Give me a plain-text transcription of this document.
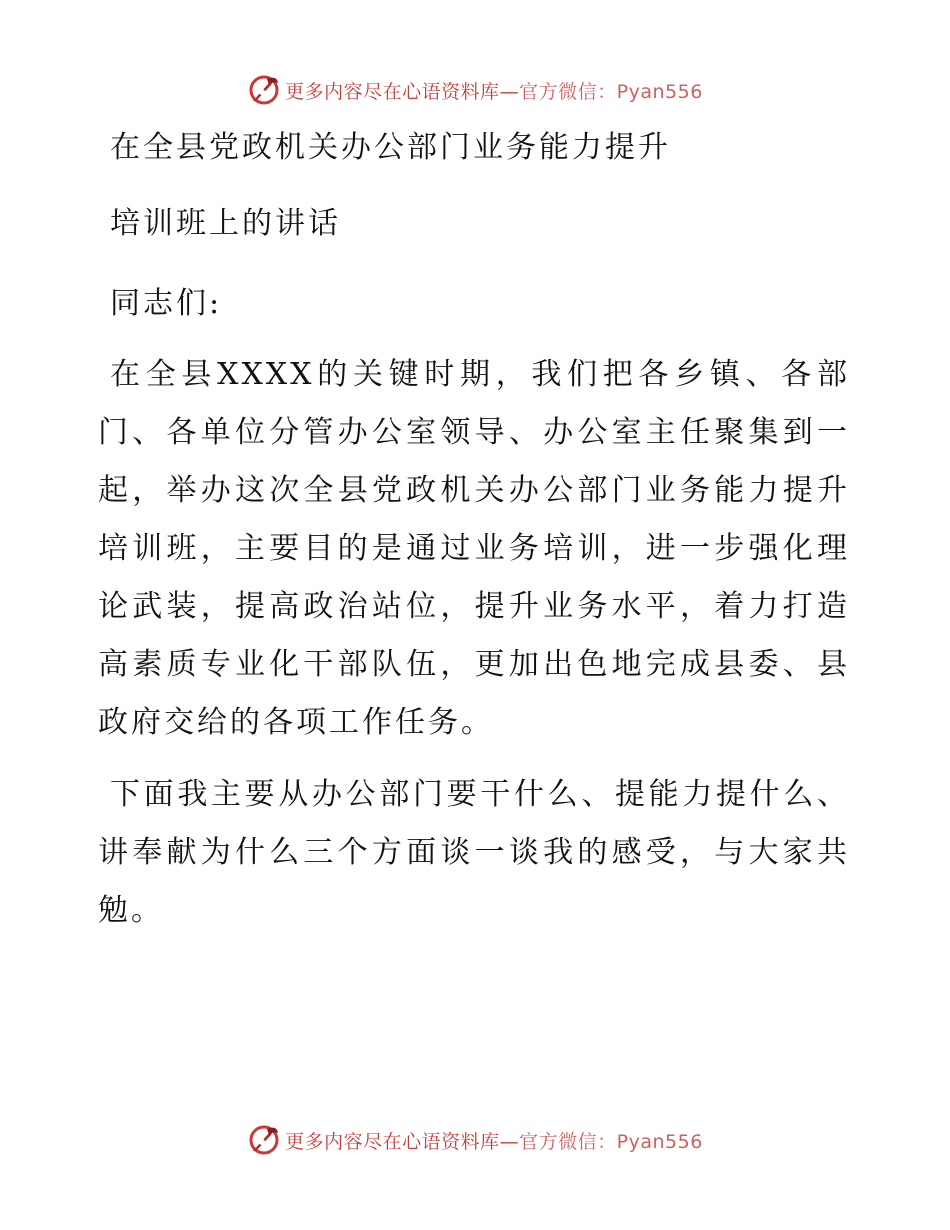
更多内容尽在心语资料库—官方微信：Pyan556

在全县党政机关办公部门业务能力提升

培训班上的讲话

同志们:

在全县XXXX的关键时期，我们把各乡镇、各部门、各单位分管办公室领导、办公室主任聚集到一起，举办这次全县党政机关办公部门业务能力提升培训班，主要目的是通过业务培训，进一步强化理论武装，提高政治站位，提升业务水平，着力打造高素质专业化干部队伍，更加出色地完成县委、县政府交给的各项工作任务。

下面我主要从办公部门要干什么、提能力提什么、讲奉献为什么三个方面谈一谈我的感受，与大家共勉。

更多内容尽在心语资料库—官方微信：Pyan556
